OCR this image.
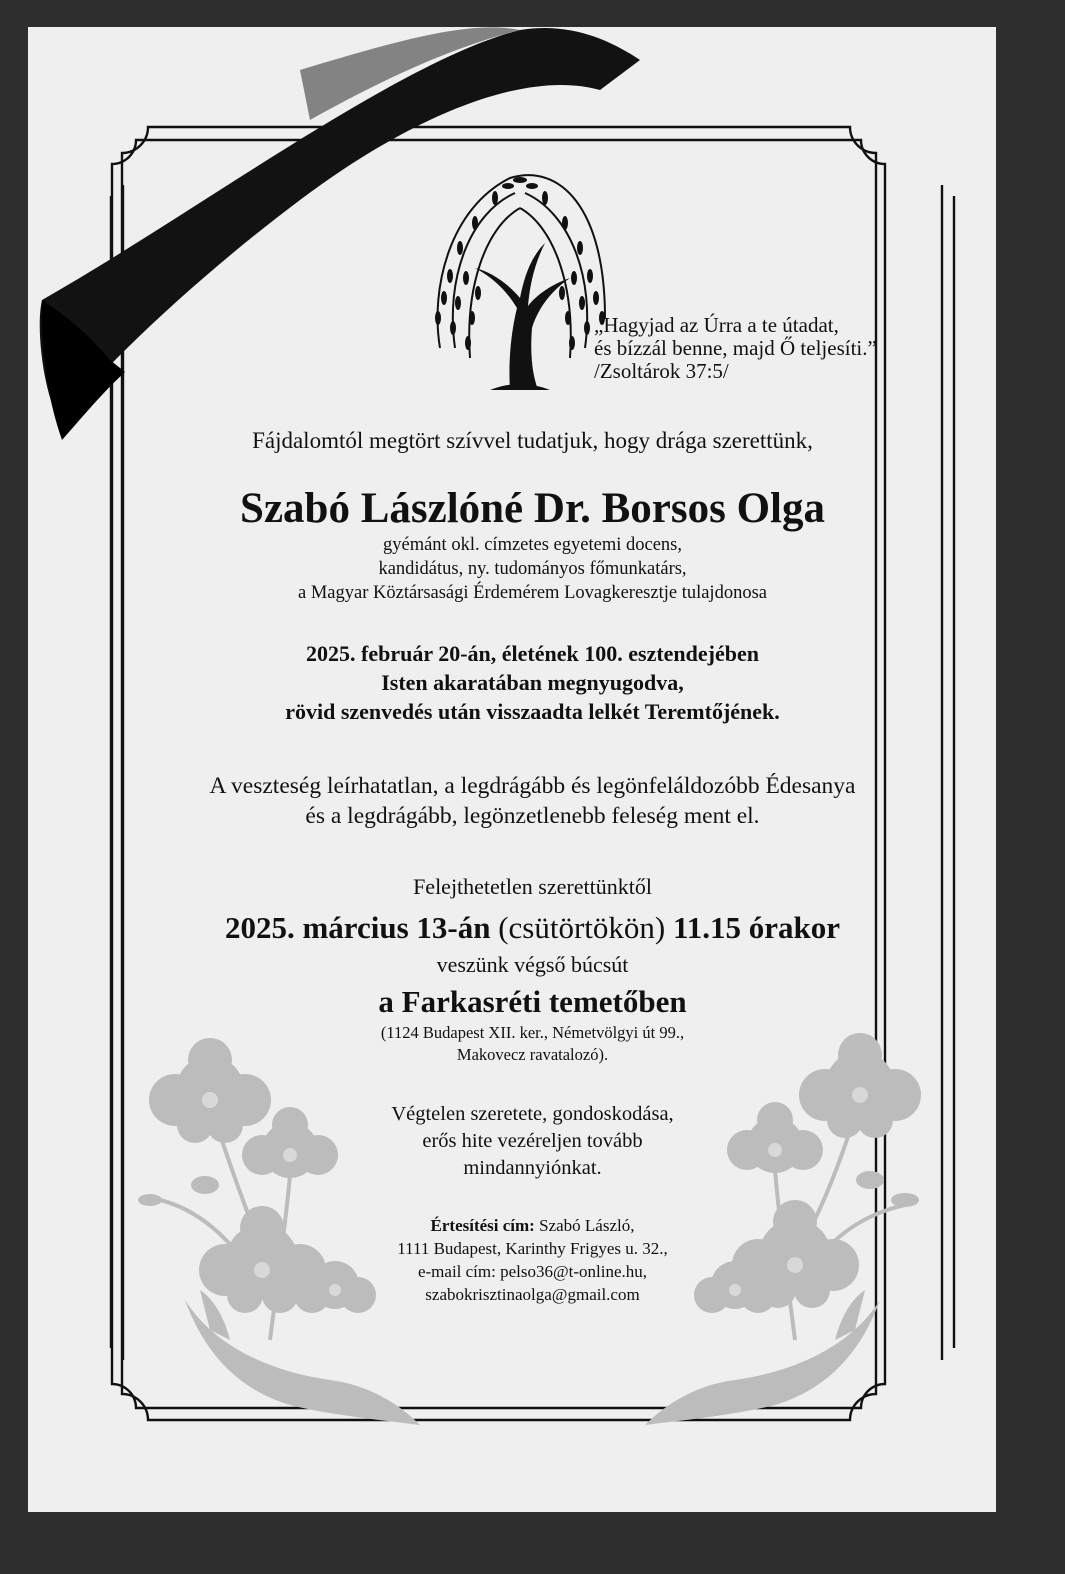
„Hagyjad az Úrra a te útadat,
és bízzál benne, majd Ő teljesíti.”
/Zsoltárok 37:5/
Fájdalomtól megtört szívvel tudatjuk, hogy drága szerettünk,
Szabó Lászlóné Dr. Borsos Olga
gyémánt okl. címzetes egyetemi docens,
kandidátus, ny. tudományos főmunkatárs,
a Magyar Köztársasági Érdemérem Lovagkeresztje tulajdonosa
2025. február 20-án, életének 100. esztendejében
Isten akaratában megnyugodva,
rövid szenvedés után visszaadta lelkét Teremtőjének.
A veszteség leírhatatlan, a legdrágább és legönfeláldozóbb Édesanya
és a legdrágább, legönzetlenebb feleség ment el.
Felejthetetlen szerettünktől
2025. március 13-án (csütörtökön) 11.15 órakor
veszünk végső búcsút
a Farkasréti temetőben
(1124 Budapest XII. ker., Németvölgyi út 99.,
Makovecz ravatalozó).
Végtelen szeretete, gondoskodása,
erős hite vezéreljen tovább
mindannyiónkat.
Értesítési cím: Szabó László,
1111 Budapest, Karinthy Frigyes u. 32.,
e-mail cím: pelso36@t-online.hu,
szabokrisztinaolga@gmail.com
